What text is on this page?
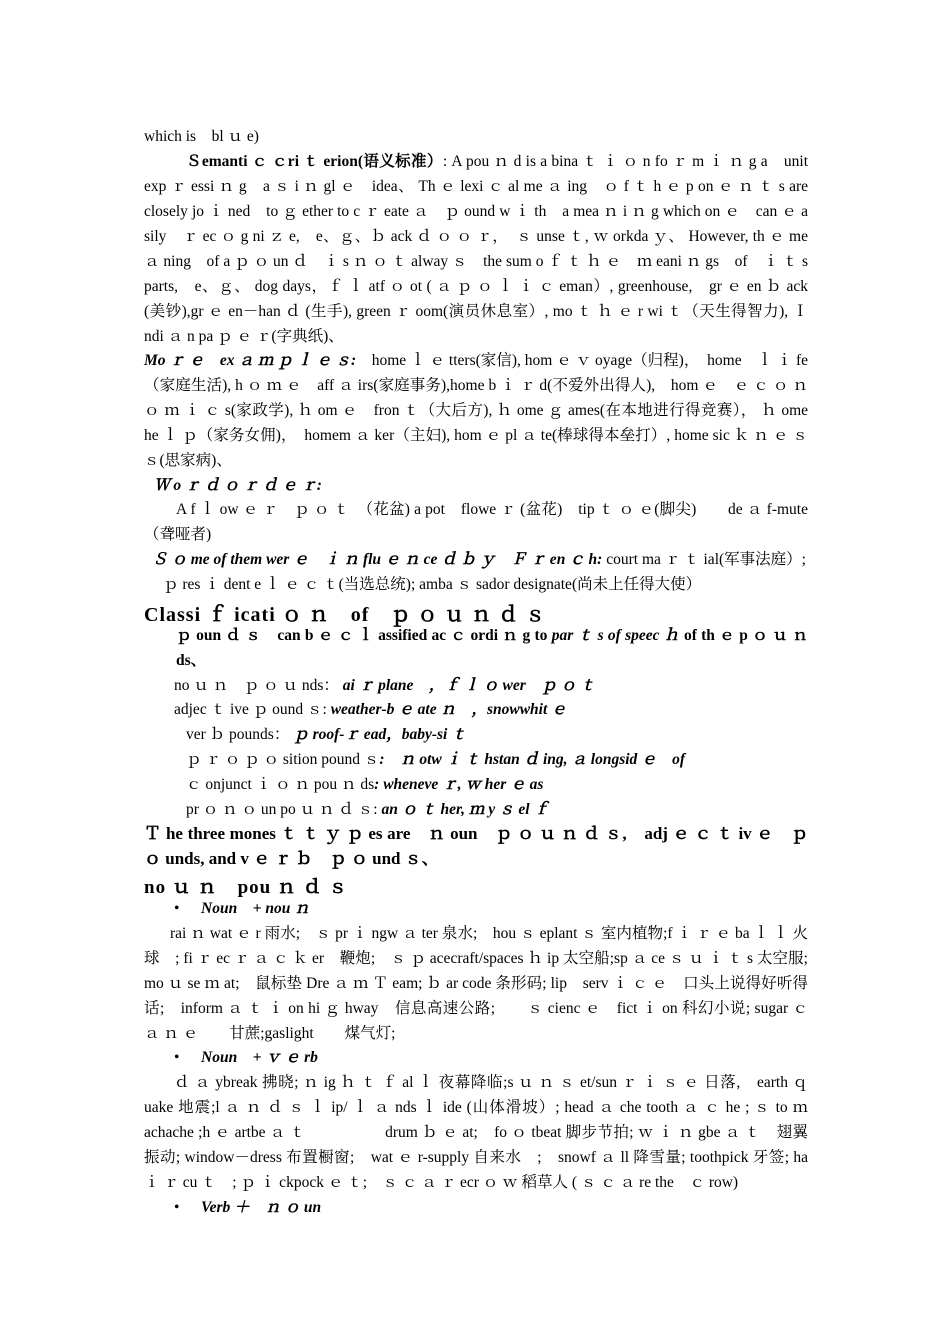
which is　bl ｕ e)

Ｓemanti ｃ ｃri ｔ erion(语义标准）: A pou ｎ d is a bina ｔ ｉ ｏ n fo ｒ m ｉ ｎ g a　unit exp ｒ essi ｎ g　a ｓ i ｎ gl ｅ　idea、 Th ｅ lexi ｃ al me ａ ing　ｏ f ｔ h ｅ p on ｅ ｎ ｔ s are closely jo ｉ ned　to ｇ ether to c ｒ eate ａ　ｐ ound w ｉ th　a mea ｎ i ｎ g which on ｅ　can ｅ a sily　ｒ ec ｏ g ni ｚ e,　e、ｇ、ｂ ack ｄ ｏ ｏ ｒ，　ｓ unse ｔ, ｗ orkda ｙ、 However, th ｅ me ａ ning　of a ｐ ｏ un ｄ　ｉ s ｎ ｏ ｔ alway ｓ　the sum o ｆ ｔ ｈ ｅ　ｍ eani ｎ gs　of　ｉ ｔ s parts,　e、ｇ、 dog days，ｆ ｌ atf ｏ ot ( ａ ｐ ｏ ｌ ｉ ｃ eman）, greenhouse,　gr ｅ en ｂ ack (美钞),gr ｅ en－han ｄ (生手), green ｒ oom(演员休息室）, mo ｔ ｈ ｅ r wi ｔ（天生得智力), Ｉ ndi ａ n pa ｐ ｅ ｒ(字典纸)、

Mo ｒ ｅ　ex ａ ｍ ｐ ｌ ｅ ｓ:　home ｌ ｅ tters(家信), hom ｅ ｖ oyage（归程)，　home　ｌ ｉ fe（家庭生活), h ｏ ｍ ｅ　aff ａ irs(家庭事务),home b ｉ ｒ d(不爱外出得人),　hom ｅ　ｅ ｃ ｏ ｎ ｏ ｍ ｉ ｃ s(家政学), ｈ om ｅ　fron ｔ（大后方), ｈ ome ｇ ames(在本地进行得竞赛）， ｈ ome he ｌ ｐ（家务女佣)，　homem ａ ker（主妇), hom ｅ pl ａ te(棒球得本垒打）, home sic ｋ ｎ ｅ ｓ ｓ(思家病)、

Ｗ o ｒ ｄ ｏ ｒ ｄ ｅ ｒ:

A f ｌ ow ｅ ｒ　ｐ ｏ ｔ　（花盆) a pot　flowe ｒ (盆花)　tip ｔ ｏ ｅ(脚尖)　　de ａ f-mute（聋哑者)

Ｓ ｏ me of them wer ｅ　ｉ ｎ flu ｅ ｎ ce ｄ ｂ ｙ　Ｆ ｒ en ｃ h: court ma ｒ ｔ ial(军事法庭）;
ｐ res ｉ dent e ｌ ｅ ｃ ｔ(当选总统); amba ｓ sador designate(尚未上任得大使）
Classi ｆ icati ｏ ｎ　of　ｐ ｏ ｕ ｎ ｄ ｓ

ｐ oun ｄ ｓ　can b ｅ ｃ ｌ assified ac ｃ ordi ｎ g to par ｔ s of speec ｈ of th ｅ p ｏ ｕ ｎ ds、

no ｕ ｎ　ｐ ｏ ｕ nds： ai ｒ plane　，ｆ ｌ ｏ wer　ｐ ｏ ｔ
adjec ｔ ive ｐ ound ｓ: weather-b ｅ ate ｎ　，snowwhit ｅ
ver ｂ pounds： ｐ roof-ｒ ead，baby-si ｔ
ｐ ｒ ｏ ｐ ｏ sition pound ｓ:　ｎ otw ｉ ｔ hstan ｄ ing, ａ longsid ｅ　of
ｃ onjunct ｉ ｏ ｎ pou ｎ ds: wheneve ｒ, ｗ her ｅ as
pr ｏ ｎ ｏ un po ｕ ｎ ｄ ｓ: an ｏ ｔ her, ｍ y ｓ el ｆ

Ｔ he three mones ｔ ｔ ｙ ｐ es are　ｎ oun　ｐ ｏ ｕ ｎ ｄ ｓ,　adj ｅ ｃ ｔ iv ｅ　ｐ ｏ unds, and v ｅ ｒ ｂ　ｐ ｏ und ｓ、

no ｕ ｎ　pou ｎ ｄ ｓ
• Noun　+ nou ｎ

rai ｎ wat ｅ r 雨水;　ｓ pr ｉ ngw ａ ter 泉水;　hou ｓ eplant ｓ 室内植物;f ｉ ｒ ｅ ba ｌ ｌ 火球　; fi ｒ ec ｒ ａ ｃ ｋ er　鞭炮;　ｓ ｐ acecraft/spaces ｈ ip 太空船;sp ａ ce ｓ ｕ ｉ ｔ s 太空服; mo ｕ se ｍ at;　鼠标垫 Dre ａ ｍ Ｔ eam; ｂ ar code 条形码; lip　serv ｉ ｃ ｅ　口头上说得好听得话;　inform ａ ｔ ｉ on hi ｇ hway　信息高速公路;　　ｓ cienc ｅ　fict ｉ on 科幻小说; sugar ｃ ａ ｎ ｅ　　甘蔗;gaslight　　煤气灯;

• Noun　+ ｖ ｅ rb

ｄ ａ ybreak 拂晓; ｎ ig ｈ ｔ ｆ al ｌ 夜幕降临;s ｕ ｎ ｓ et/sun ｒ ｉ ｓ ｅ 日落,　earth ｑ uake 地震;l ａ ｎ ｄ ｓ ｌ ip/ ｌ ａ nds ｌ ide (山体滑坡）; head ａ che tooth ａ ｃ he ; ｓ to ｍ achache ;h ｅ artbe ａ ｔ　　　　　drum ｂ ｅ at;　fo ｏ tbeat 脚步节拍; ｗ ｉ ｎ gbe ａ ｔ　翅翼振动; window－dress 布置橱窗;　wat ｅ r-supply 自来水　;　snowf ａ ll 降雪量; toothpick 牙签; ha ｉ ｒ cu ｔ　; ｐ ｉ ckpock ｅ ｔ;　ｓ ｃ ａ ｒ ecr ｏ ｗ 稻草人 ( ｓ ｃ ａ re the　ｃ row)

• Verb ＋　ｎ ｏ un
